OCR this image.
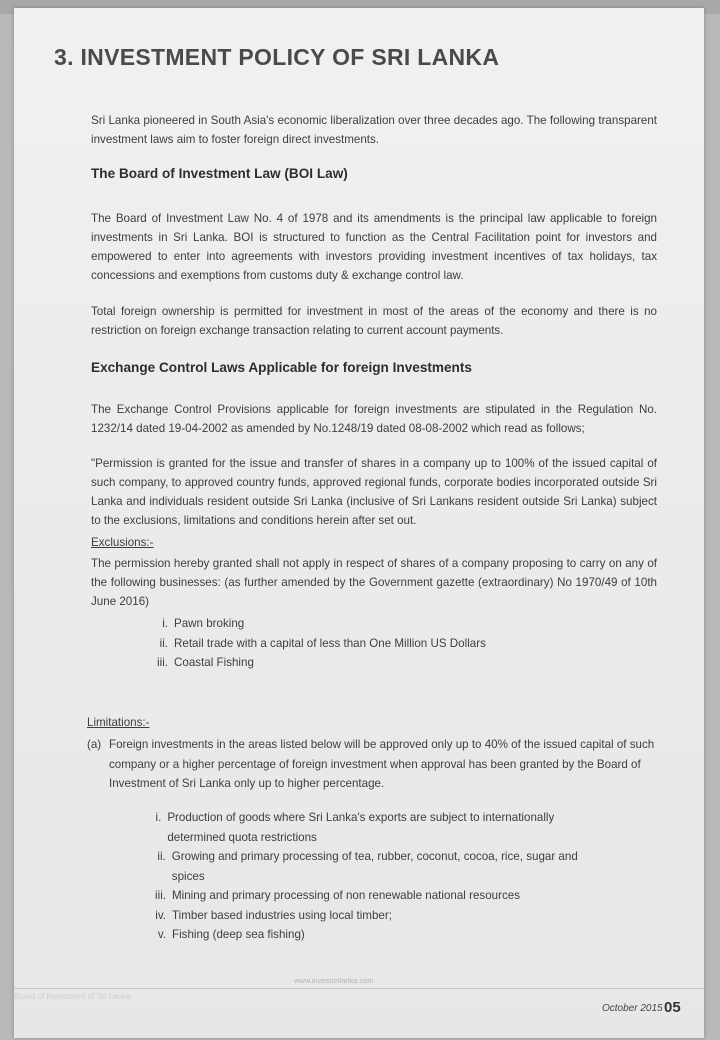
3. INVESTMENT POLICY OF SRI LANKA

Sri Lanka pioneered in South Asia's economic liberalization over three decades ago. The following transparent investment laws aim to foster foreign direct investments.

The Board of Investment Law (BOI Law)

The Board of Investment Law No. 4 of 1978 and its amendments is the principal law applicable to foreign investments in Sri Lanka. BOI is structured to function as the Central Facilitation point for investors and empowered to enter into agreements with investors providing investment incentives of tax holidays, tax concessions and exemptions from customs duty & exchange control law.

Total foreign ownership is permitted for investment in most of the areas of the economy and there is no restriction on foreign exchange transaction relating to current account payments.

Exchange Control Laws Applicable for foreign Investments

The Exchange Control Provisions applicable for foreign investments are stipulated in the Regulation No. 1232/14 dated 19-04-2002 as amended by No.1248/19 dated 08-08-2002 which read as follows;

"Permission is granted for the issue and transfer of shares in a company up to 100% of the issued capital of such company, to approved country funds, approved regional funds, corporate bodies incorporated outside Sri Lanka and individuals resident outside Sri Lanka (inclusive of Sri Lankans resident outside Sri Lanka) subject to the exclusions, limitations and conditions herein after set out.

Exclusions:-

The permission hereby granted shall not apply in respect of shares of a company proposing to carry on any of the following businesses: (as further amended by the Government gazette (extraordinary) No 1970/49 of 10th June 2016)

i. Pawn broking
ii. Retail trade with a capital of less than One Million US Dollars
iii. Coastal Fishing

Limitations:-

(a) Foreign investments in the areas listed below will be approved only up to 40% of the issued capital of such company or a higher percentage of foreign investment when approval has been granted by the Board of Investment of Sri Lanka only up to higher percentage.
i. Production of goods where Sri Lanka's exports are subject to internationally determined quota restrictions
ii. Growing and primary processing of tea, rubber, coconut, cocoa, rice, sugar and spices
iii. Mining and primary processing of non renewable national resources
iv. Timber based industries using local timber;
v. Fishing (deep sea fishing)
Board of Investment of Sri Lanka
www.investsrilanka.com
October 2015 05
